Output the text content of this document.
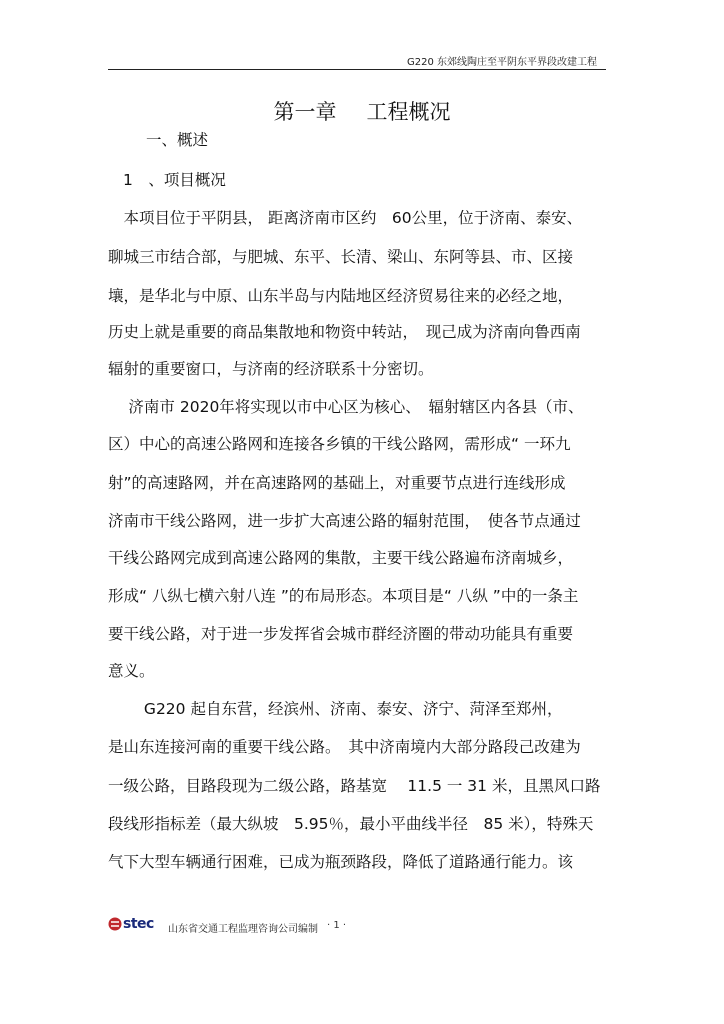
G220 东郊线陶庄至平阴东平界段改建工程
第一章 工程概况
一、概述
1　、项目概况
　本项目位于平阴县， 距离济南市区约　60公里，位于济南、泰安、
聊城三市结合部，与肥城、东平、长清、梁山、东阿等县、市、区接
壤，是华北与中原、山东半岛与内陆地区经济贸易往来的必经之地，
历史上就是重要的商品集散地和物资中转站，　现己成为济南向鲁西南
辐射的重要窗口，与济南的经济联系十分密切。
　 济南市 2020年将实现以市中心区为核心、　辐射辖区内各县（市、
区）中心的高速公路网和连接各乡镇的干线公路网，需形成“ 一环九
射”的高速路网，并在高速路网的基础上，对重要节点进行连线形成
济南市干线公路网，进一步扩大高速公路的辐射范围，　使各节点通过
干线公路网完成到高速公路网的集散，主要干线公路遍布济南城乡，
形成“ 八纵七横六射八连 ”的布局形态。本项目是“ 八纵 ”中的一条主
要干线公路，对于进一步发挥省会城市群经济圈的带动功能具有重要
意义。
　　 G220 起自东营，经滨州、济南、泰安、济宁、菏泽至郑州，
是山东连接河南的重要干线公路。　其中济南境内大部分路段己改建为
一级公路，目路段现为二级公路，路基宽　 11.5 一 31 米，且黑风口路
段线形指标差（最大纵坡　5.95％，最小平曲线半径　85 米），特殊天
气下大型车辆通行困难，已成为瓶颈路段，降低了道路通行能力。该
stec 山东省交通工程监理咨询公司编制 · 1 ·
